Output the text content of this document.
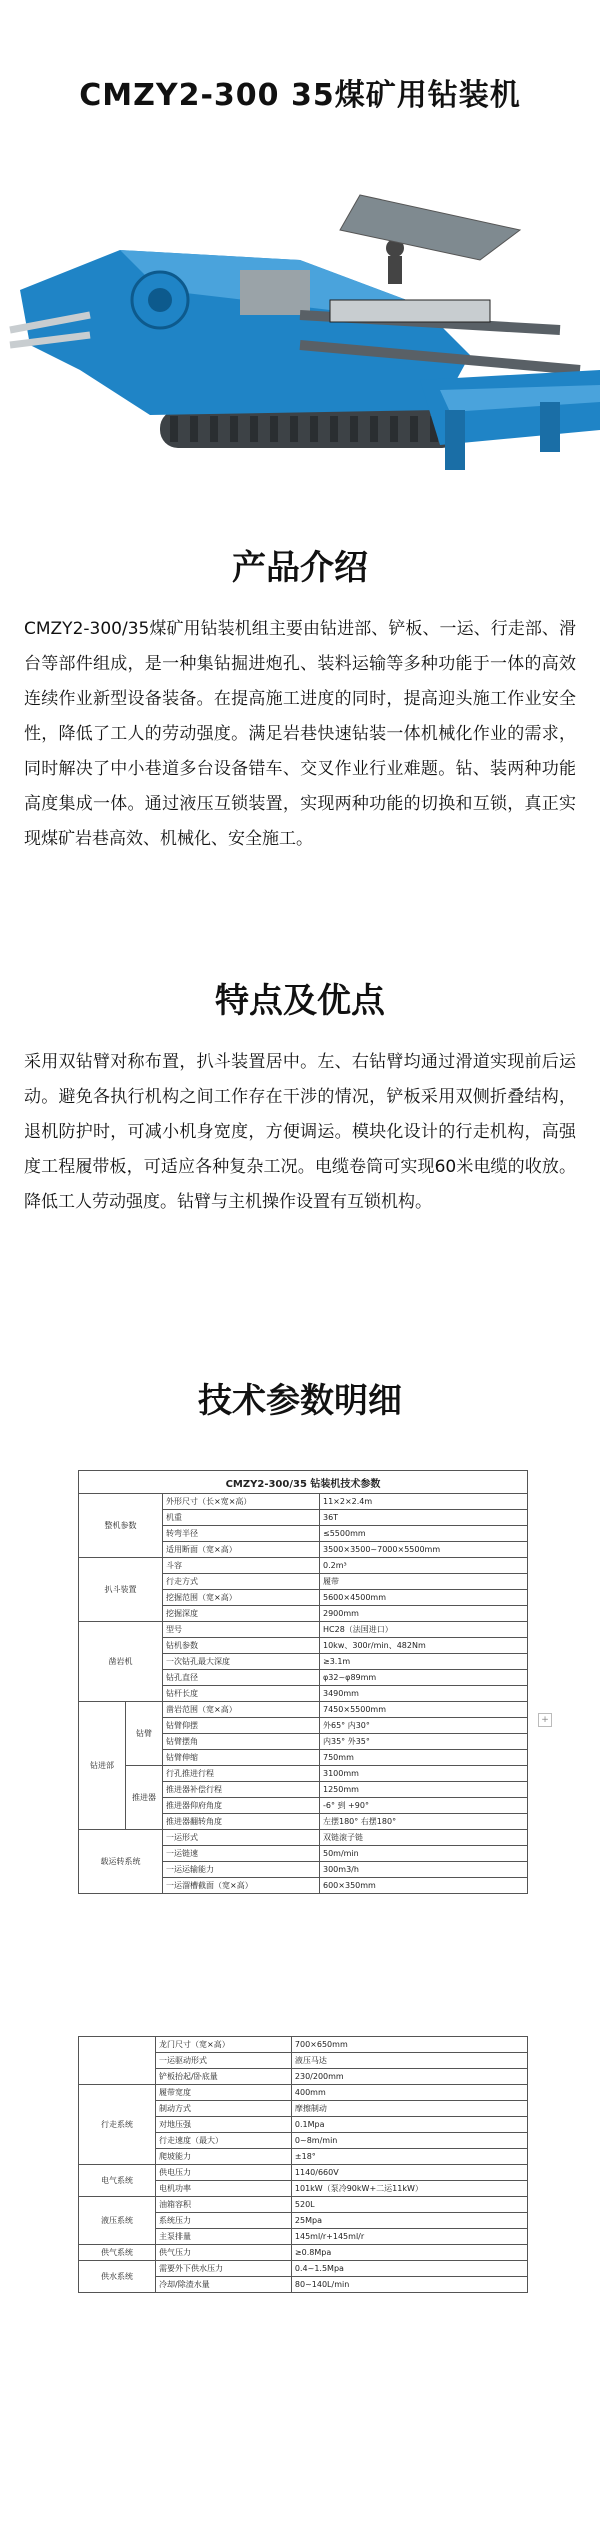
CMZY2-300 35煤矿用钻装机
产品介绍
CMZY2-300/35煤矿用钻装机组主要由钻进部、铲板、一运、行走部、滑台等部件组成，是一种集钻掘进炮孔、装料运输等多种功能于一体的高效连续作业新型设备装备。在提高施工进度的同时，提高迎头施工作业安全性，降低了工人的劳动强度。满足岩巷快速钻装一体机械化作业的需求，同时解决了中小巷道多台设备错车、交叉作业行业难题。钻、装两种功能高度集成一体。通过液压互锁装置，实现两种功能的切换和互锁，真正实现煤矿岩巷高效、机械化、安全施工。
特点及优点
采用双钻臂对称布置，扒斗装置居中。左、右钻臂均通过滑道实现前后运动。避免各执行机构之间工作存在干涉的情况，铲板采用双侧折叠结构，退机防护时，可减小机身宽度，方便调运。模块化设计的行走机构，高强度工程履带板，可适应各种复杂工况。电缆卷筒可实现60米电缆的收放。降低工人劳动强度。钻臂与主机操作设置有互锁机构。
技术参数明细
CMZY2-300/35 钻装机技术参数			
整机参数		外形尺寸（长×宽×高）	11×2×2.4m
		机重	36T
		转弯半径	≤5500mm
		适用断面（宽×高）	3500×3500~7000×5500mm
扒斗装置		斗容	0.2m³
		行走方式	履带
		挖掘范围（宽×高）	5600×4500mm
		挖掘深度	2900mm
凿岩机		型号	HC28（法国进口）
		钻机参数	10kw、300r/min、482Nm
		一次钻孔最大深度	≥3.1m
		钻孔直径	φ32~φ89mm
		钻杆长度	3490mm
钻进部	钻臂	凿岩范围（宽×高）	7450×5500mm
		钻臂仰摆	外65° 内30°
		钻臂摆角	内35° 外35°
		钻臂伸缩	750mm
	推进器	行孔推进行程	3100mm
		推进器补偿行程	1250mm
		推进器仰府角度	-6° 到 +90°
		推进器翻转角度	左摆180° 右摆180°
载运转系统		一运形式	双链滚子链
		一运链速	50m/min
		一运运输能力	300m3/h
		一运溜槽截面（宽×高）	600×350mm
+
	龙门尺寸（宽×高）	700×650mm
	一运驱动形式	液压马达
	铲板抬起/卧底量	230/200mm
行走系统	履带宽度	400mm
	制动方式	摩擦制动
	对地压强	0.1Mpa
	行走速度（最大）	0~8m/min
	爬坡能力	±18°
电气系统	供电压力	1140/660V
	电机功率	101kW（泵冷90kW+二运11kW）
液压系统	油箱容积	520L
	系统压力	25Mpa
	主泵排量	145ml/r+145ml/r
供气系统	供气压力	≥0.8Mpa
供水系统	需要外下供水压力	0.4~1.5Mpa
	冷却/除渣水量	80~140L/min
